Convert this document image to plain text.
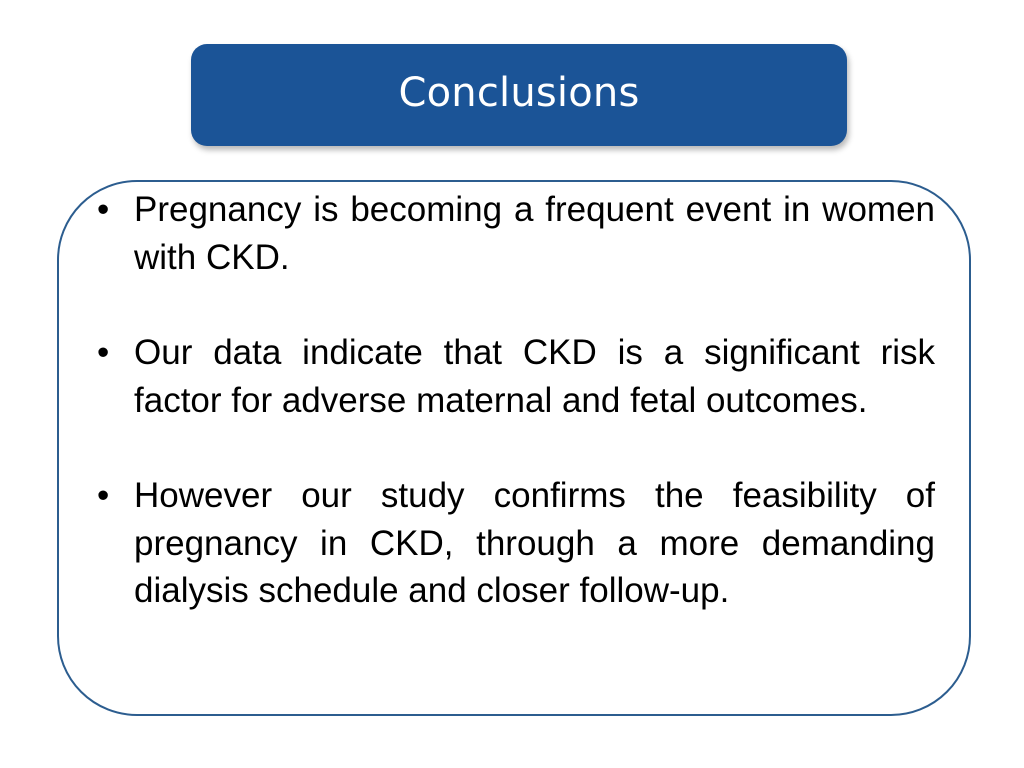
Conclusions
• Pregnancy is becoming a frequent event in women with CKD.
• Our data indicate that CKD is a significant risk factor for adverse maternal and fetal outcomes.
• However our study confirms the feasibility of pregnancy in CKD, through a more demanding dialysis schedule and closer follow-up.
